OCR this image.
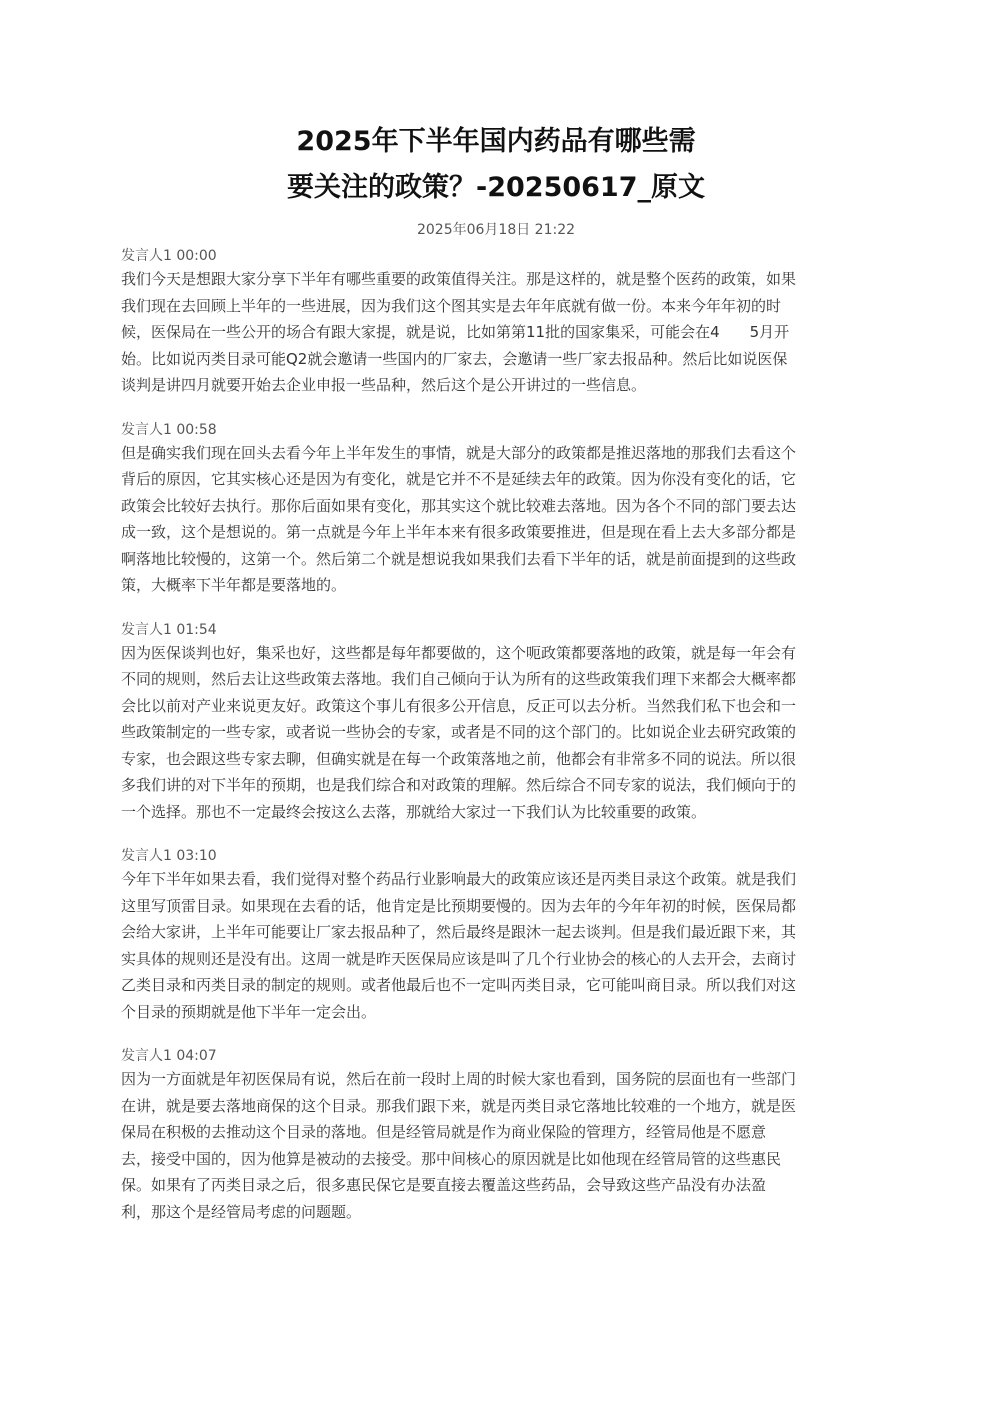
2025年下半年国内药品有哪些需
要关注的政策？-20250617_原文
2025年06月18日 21:22
发言人1 00:00
我们今天是想跟大家分享下半年有哪些重要的政策值得关注。那是这样的，就是整个医药的政策，如果
我们现在去回顾上半年的一些进展，因为我们这个图其实是去年年底就有做一份。本来今年年初的时
候，医保局在一些公开的场合有跟大家提，就是说，比如第第11批的国家集采，可能会在4　　5月开
始。比如说丙类目录可能Q2就会邀请一些国内的厂家去，会邀请一些厂家去报品种。然后比如说医保
谈判是讲四月就要开始去企业申报一些品种，然后这个是公开讲过的一些信息。
发言人1 00:58
但是确实我们现在回头去看今年上半年发生的事情，就是大部分的政策都是推迟落地的那我们去看这个
背后的原因，它其实核心还是因为有变化，就是它并不不是延续去年的政策。因为你没有变化的话，它
政策会比较好去执行。那你后面如果有变化，那其实这个就比较难去落地。因为各个不同的部门要去达
成一致，这个是想说的。第一点就是今年上半年本来有很多政策要推进，但是现在看上去大多部分都是
啊落地比较慢的，这第一个。然后第二个就是想说我如果我们去看下半年的话，就是前面提到的这些政
策，大概率下半年都是要落地的。
发言人1 01:54
因为医保谈判也好，集采也好，这些都是每年都要做的，这个呃政策都要落地的政策，就是每一年会有
不同的规则，然后去让这些政策去落地。我们自己倾向于认为所有的这些政策我们理下来都会大概率都
会比以前对产业来说更友好。政策这个事儿有很多公开信息，反正可以去分析。当然我们私下也会和一
些政策制定的一些专家，或者说一些协会的专家，或者是不同的这个部门的。比如说企业去研究政策的
专家，也会跟这些专家去聊，但确实就是在每一个政策落地之前，他都会有非常多不同的说法。所以很
多我们讲的对下半年的预期，也是我们综合和对政策的理解。然后综合不同专家的说法，我们倾向于的
一个选择。那也不一定最终会按这么去落，那就给大家过一下我们认为比较重要的政策。
发言人1 03:10
今年下半年如果去看，我们觉得对整个药品行业影响最大的政策应该还是丙类目录这个政策。就是我们
这里写顶雷目录。如果现在去看的话，他肯定是比预期要慢的。因为去年的今年年初的时候，医保局都
会给大家讲，上半年可能要让厂家去报品种了，然后最终是跟沐一起去谈判。但是我们最近跟下来，其
实具体的规则还是没有出。这周一就是昨天医保局应该是叫了几个行业协会的核心的人去开会，去商讨
乙类目录和丙类目录的制定的规则。或者他最后也不一定叫丙类目录，它可能叫商目录。所以我们对这
个目录的预期就是他下半年一定会出。
发言人1 04:07
因为一方面就是年初医保局有说，然后在前一段时上周的时候大家也看到，国务院的层面也有一些部门
在讲，就是要去落地商保的这个目录。那我们跟下来，就是丙类目录它落地比较难的一个地方，就是医
保局在积极的去推动这个目录的落地。但是经管局就是作为商业保险的管理方，经管局他是不愿意
去，接受中国的，因为他算是被动的去接受。那中间核心的原因就是比如他现在经管局管的这些惠民
保。如果有了丙类目录之后，很多惠民保它是要直接去覆盖这些药品，会导致这些产品没有办法盈
利，那这个是经管局考虑的问题题。
